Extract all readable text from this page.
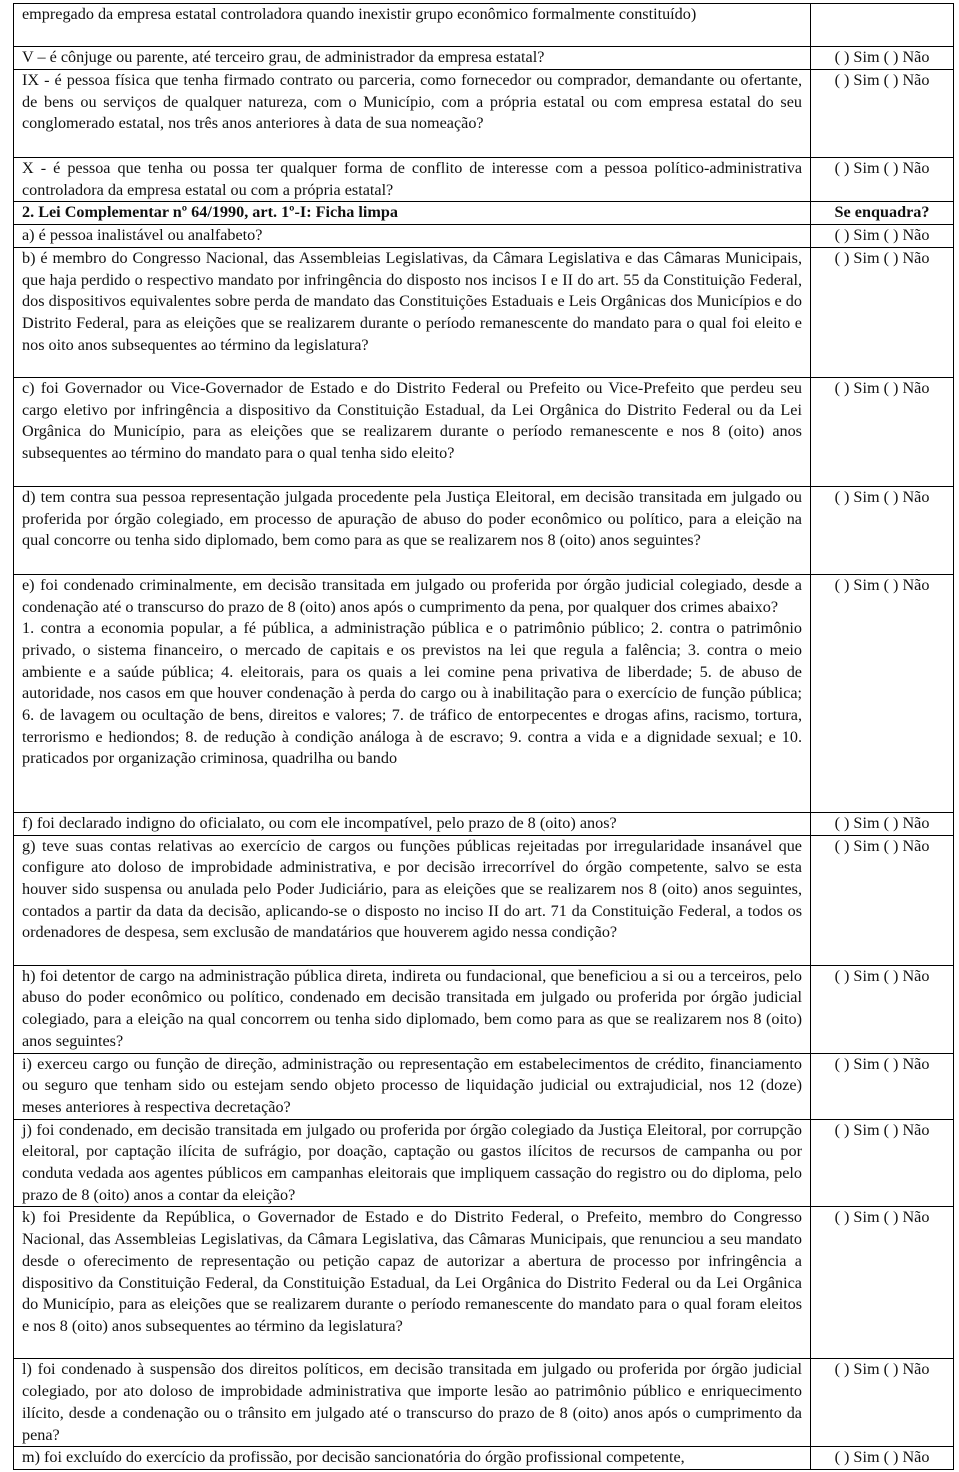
empregado da empresa estatal controladora quando inexistir grupo econômico formalmente constituído)	
V – é cônjuge ou parente, até terceiro grau, de administrador da empresa estatal?	( ) Sim ( ) Não
IX - é pessoa física que tenha firmado contrato ou parceria, como fornecedor ou comprador, demandante ou ofertante, de bens ou serviços de qualquer natureza, com o Município, com a própria estatal ou com empresa estatal do seu conglomerado estatal, nos três anos anteriores à data de sua nomeação?	( ) Sim ( ) Não
X - é pessoa que tenha ou possa ter qualquer forma de conflito de interesse com a pessoa político-administrativa controladora da empresa estatal ou com a própria estatal?	( ) Sim ( ) Não
2. Lei Complementar nº 64/1990, art. 1º-I: Ficha limpa	Se enquadra?
a) é pessoa inalistável ou analfabeto?	( ) Sim ( ) Não
b) é membro do Congresso Nacional, das Assembleias Legislativas, da Câmara Legislativa e das Câmaras Municipais, que haja perdido o respectivo mandato por infringência do disposto nos incisos I e II do art. 55 da Constituição Federal, dos dispositivos equivalentes sobre perda de mandato das Constituições Estaduais e Leis Orgânicas dos Municípios e do Distrito Federal, para as eleições que se realizarem durante o período remanescente do mandato para o qual foi eleito e nos oito anos subsequentes ao término da legislatura?	( ) Sim ( ) Não
c) foi Governador ou Vice-Governador de Estado e do Distrito Federal ou Prefeito ou Vice-Prefeito que perdeu seu cargo eletivo por infringência a dispositivo da Constituição Estadual, da Lei Orgânica do Distrito Federal ou da Lei Orgânica do Município, para as eleições que se realizarem durante o período remanescente e nos 8 (oito) anos subsequentes ao término do mandato para o qual tenha sido eleito?	( ) Sim ( ) Não
d) tem contra sua pessoa representação julgada procedente pela Justiça Eleitoral, em decisão transitada em julgado ou proferida por órgão colegiado, em processo de apuração de abuso do poder econômico ou político, para a eleição na qual concorre ou tenha sido diplomado, bem como para as que se realizarem nos 8 (oito) anos seguintes?	( ) Sim ( ) Não

e) foi condenado criminalmente, em decisão transitada em julgado ou proferida por órgão judicial colegiado, desde a condenação até o transcurso do prazo de 8 (oito) anos após o cumprimento da pena, por qualquer dos crimes abaixo?
1. contra a economia popular, a fé pública, a administração pública e o patrimônio público; 2. contra o patrimônio privado, o sistema financeiro, o mercado de capitais e os previstos na lei que regula a falência; 3. contra o meio ambiente e a saúde pública; 4. eleitorais, para os quais a lei comine pena privativa de liberdade; 5. de abuso de autoridade, nos casos em que houver condenação à perda do cargo ou à inabilitação para o exercício de função pública; 6. de lavagem ou ocultação de bens, direitos e valores; 7. de tráfico de entorpecentes e drogas afins, racismo, tortura, terrorismo e hediondos; 8. de redução à condição análoga à de escravo; 9. contra a vida e a dignidade sexual; e 10. praticados por organização criminosa, quadrilha ou bando	( ) Sim ( ) Não
f) foi declarado indigno do oficialato, ou com ele incompatível, pelo prazo de 8 (oito) anos?	( ) Sim ( ) Não
g) teve suas contas relativas ao exercício de cargos ou funções públicas rejeitadas por irregularidade insanável que configure ato doloso de improbidade administrativa, e por decisão irrecorrível do órgão competente, salvo se esta houver sido suspensa ou anulada pelo Poder Judiciário, para as eleições que se realizarem nos 8 (oito) anos seguintes, contados a partir da data da decisão, aplicando-se o disposto no inciso II do art. 71 da Constituição Federal, a todos os ordenadores de despesa, sem exclusão de mandatários que houverem agido nessa condição?	( ) Sim ( ) Não
h) foi detentor de cargo na administração pública direta, indireta ou fundacional, que beneficiou a si ou a terceiros, pelo abuso do poder econômico ou político, condenado em decisão transitada em julgado ou proferida por órgão judicial colegiado, para a eleição na qual concorrem ou tenha sido diplomado, bem como para as que se realizarem nos 8 (oito) anos seguintes?	( ) Sim ( ) Não
i) exerceu cargo ou função de direção, administração ou representação em estabelecimentos de crédito, financiamento ou seguro que tenham sido ou estejam sendo objeto processo de liquidação judicial ou extrajudicial, nos 12 (doze) meses anteriores à respectiva decretação?	( ) Sim ( ) Não
j) foi condenado, em decisão transitada em julgado ou proferida por órgão colegiado da Justiça Eleitoral, por corrupção eleitoral, por captação ilícita de sufrágio, por doação, captação ou gastos ilícitos de recursos de campanha ou por conduta vedada aos agentes públicos em campanhas eleitorais que impliquem cassação do registro ou do diploma, pelo prazo de 8 (oito) anos a contar da eleição?	( ) Sim ( ) Não
k) foi Presidente da República, o Governador de Estado e do Distrito Federal, o Prefeito, membro do Congresso Nacional, das Assembleias Legislativas, da Câmara Legislativa, das Câmaras Municipais, que renunciou a seu mandato desde o oferecimento de representação ou petição capaz de autorizar a abertura de processo por infringência a dispositivo da Constituição Federal, da Constituição Estadual, da Lei Orgânica do Distrito Federal ou da Lei Orgânica do Município, para as eleições que se realizarem durante o período remanescente do mandato para o qual foram eleitos e nos 8 (oito) anos subsequentes ao término da legislatura?	( ) Sim ( ) Não
l) foi condenado à suspensão dos direitos políticos, em decisão transitada em julgado ou proferida por órgão judicial colegiado, por ato doloso de improbidade administrativa que importe lesão ao patrimônio público e enriquecimento ilícito, desde a condenação ou o trânsito em julgado até o transcurso do prazo de 8 (oito) anos após o cumprimento da pena?	( ) Sim ( ) Não
m) foi excluído do exercício da profissão, por decisão sancionatória do órgão profissional competente,	( ) Sim ( ) Não
